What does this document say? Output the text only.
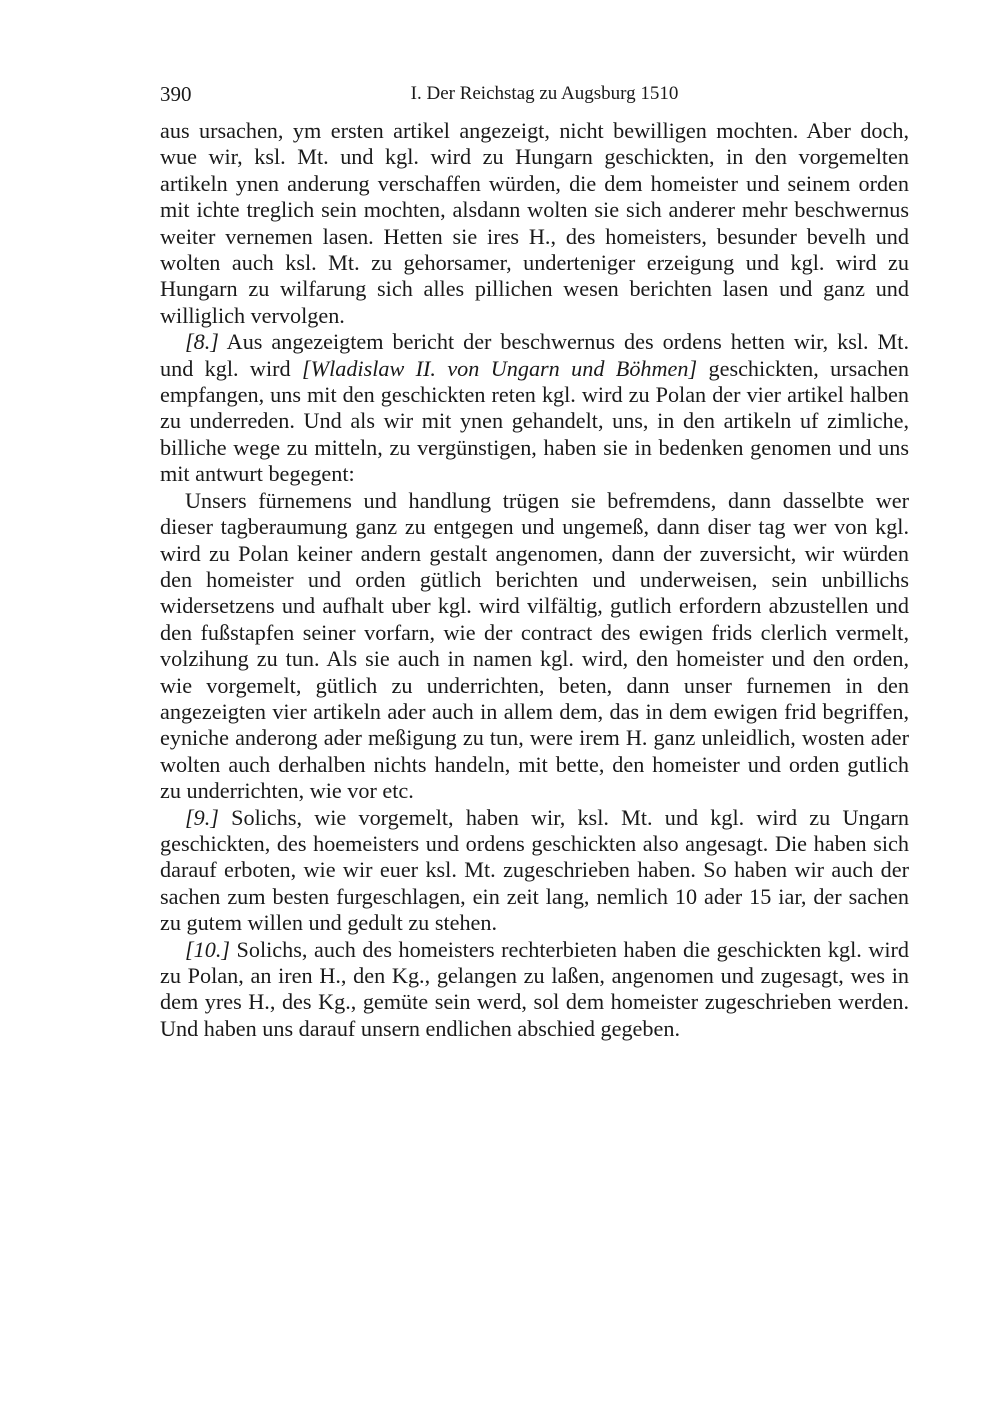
390	I. Der Reichstag zu Augsburg 1510

aus ursachen, ym ersten artikel angezeigt, nicht bewilligen mochten. Aber doch, wue wir, ksl. Mt. und kgl. wird zu Hungarn geschickten, in den vorgemelten artikeln ynen anderung verschaffen würden, die dem homeister und seinem orden mit ichte treglich sein mochten, alsdann wolten sie sich anderer mehr beschwernus weiter vernemen lasen. Hetten sie ires H., des homeisters, besunder bevelh und wolten auch ksl. Mt. zu gehorsamer, underteniger erzeigung und kgl. wird zu Hungarn zu wilfarung sich alles pillichen wesen berichten lasen und ganz und williglich vervolgen.

[8.] Aus angezeigtem bericht der beschwernus des ordens hetten wir, ksl. Mt. und kgl. wird [Wladislaw II. von Ungarn und Böhmen] geschickten, ursachen empfangen, uns mit den geschickten reten kgl. wird zu Polan der vier artikel halben zu underreden. Und als wir mit ynen gehandelt, uns, in den artikeln uf zimliche, billiche wege zu mitteln, zu vergünstigen, haben sie in bedenken genomen und uns mit antwurt begegent:

Unsers fürnemens und handlung trügen sie befremdens, dann dasselbte wer dieser tagberaumung ganz zu entgegen und ungemeß, dann diser tag wer von kgl. wird zu Polan keiner andern gestalt angenomen, dann der zuversicht, wir würden den homeister und orden gütlich berichten und underweisen, sein unbillichs widersetzens und aufhalt uber kgl. wird vilfältig, gutlich erfordern abzustellen und den fußstapfen seiner vorfarn, wie der contract des ewigen frids clerlich vermelt, volzihung zu tun. Als sie auch in namen kgl. wird, den homeister und den orden, wie vorgemelt, gütlich zu underrichten, beten, dann unser furnemen in den angezeigten vier artikeln ader auch in allem dem, das in dem ewigen frid begriffen, eyniche anderong ader meßigung zu tun, were irem H. ganz unleidlich, wosten ader wolten auch derhalben nichts handeln, mit bette, den homeister und orden gutlich zu underrichten, wie vor etc.

[9.] Solichs, wie vorgemelt, haben wir, ksl. Mt. und kgl. wird zu Ungarn geschickten, des hoemeisters und ordens geschickten also angesagt. Die haben sich darauf erboten, wie wir euer ksl. Mt. zugeschrieben haben. So haben wir auch der sachen zum besten furgeschlagen, ein zeit lang, nemlich 10 ader 15 iar, der sachen zu gutem willen und gedult zu stehen.

[10.] Solichs, auch des homeisters rechterbieten haben die geschickten kgl. wird zu Polan, an iren H., den Kg., gelangen zu laßen, angenomen und zugesagt, wes in dem yres H., des Kg., gemüte sein werd, sol dem homeister zugeschrieben werden. Und haben uns darauf unsern endlichen abschied gegeben.
